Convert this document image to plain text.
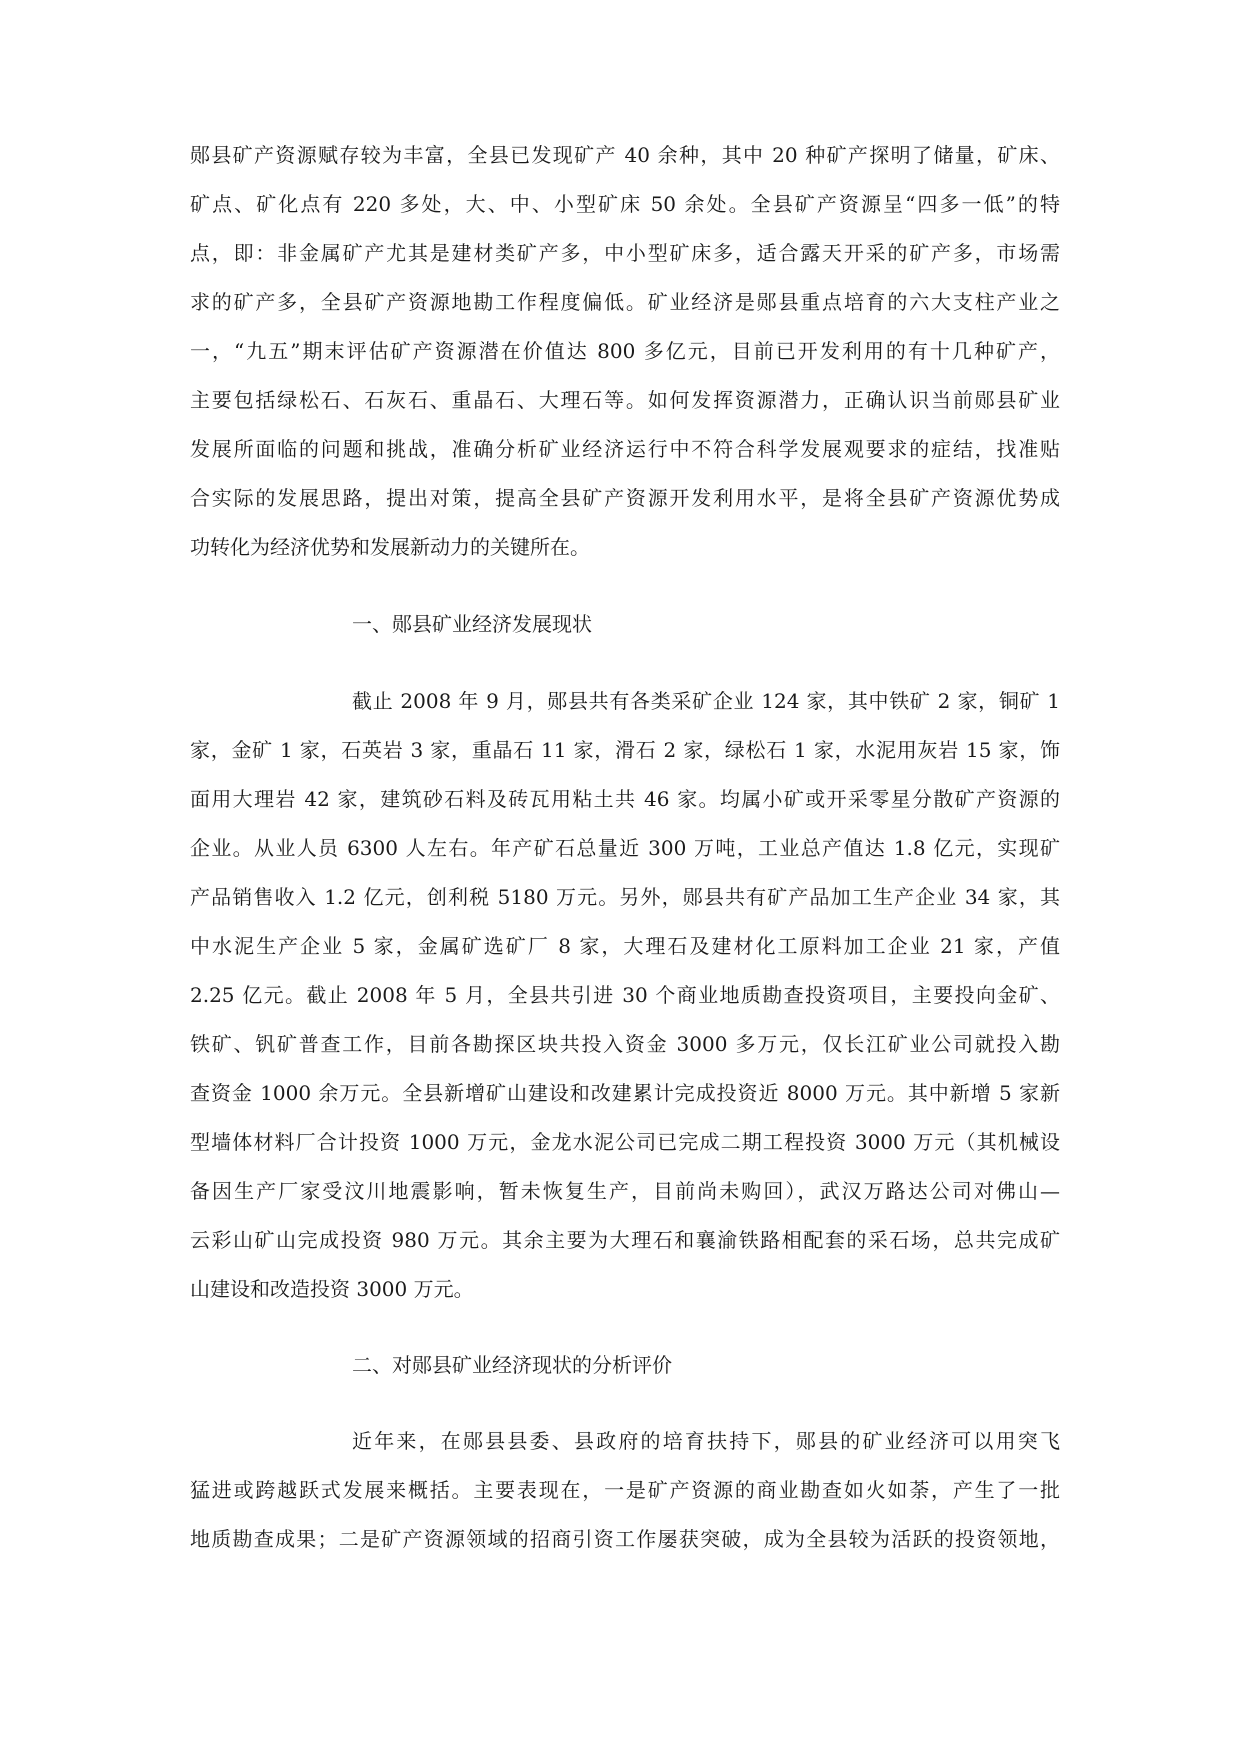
郧县矿产资源赋存较为丰富，全县已发现矿产 40 余种，其中 20 种矿产探明了储量，矿床、
矿点、矿化点有 220 多处，大、中、小型矿床 50 余处。全县矿产资源呈“四多一低”的特
点，即：非金属矿产尤其是建材类矿产多，中小型矿床多，适合露天开采的矿产多，市场需
求的矿产多，全县矿产资源地勘工作程度偏低。矿业经济是郧县重点培育的六大支柱产业之
一，“九五”期末评估矿产资源潜在价值达 800 多亿元，目前已开发利用的有十几种矿产，
主要包括绿松石、石灰石、重晶石、大理石等。如何发挥资源潜力，正确认识当前郧县矿业
发展所面临的问题和挑战，准确分析矿业经济运行中不符合科学发展观要求的症结，找准贴
合实际的发展思路，提出对策，提高全县矿产资源开发利用水平，是将全县矿产资源优势成
功转化为经济优势和发展新动力的关键所在。
一、郧县矿业经济发展现状
截止 2008 年 9 月，郧县共有各类采矿企业 124 家，其中铁矿 2 家，铜矿 1
家，金矿 1 家，石英岩 3 家，重晶石 11 家，滑石 2 家，绿松石 1 家，水泥用灰岩 15 家，饰
面用大理岩 42 家，建筑砂石料及砖瓦用粘土共 46 家。均属小矿或开采零星分散矿产资源的
企业。从业人员 6300 人左右。年产矿石总量近 300 万吨，工业总产值达 1.8 亿元，实现矿
产品销售收入 1.2 亿元，创利税 5180 万元。另外，郧县共有矿产品加工生产企业 34 家，其
中水泥生产企业 5 家，金属矿选矿厂 8 家，大理石及建材化工原料加工企业 21 家，产值
2.25 亿元。截止 2008 年 5 月，全县共引进 30 个商业地质勘查投资项目，主要投向金矿、
铁矿、钒矿普查工作，目前各勘探区块共投入资金 3000 多万元，仅长江矿业公司就投入勘
查资金 1000 余万元。全县新增矿山建设和改建累计完成投资近 8000 万元。其中新增 5 家新
型墙体材料厂合计投资 1000 万元，金龙水泥公司已完成二期工程投资 3000 万元（其机械设
备因生产厂家受汶川地震影响，暂未恢复生产，目前尚未购回），武汉万路达公司对佛山—
云彩山矿山完成投资 980 万元。其余主要为大理石和襄渝铁路相配套的采石场，总共完成矿
山建设和改造投资 3000 万元。
二、对郧县矿业经济现状的分析评价
近年来，在郧县县委、县政府的培育扶持下，郧县的矿业经济可以用突飞
猛进或跨越跃式发展来概括。主要表现在，一是矿产资源的商业勘查如火如荼，产生了一批
地质勘查成果；二是矿产资源领域的招商引资工作屡获突破，成为全县较为活跃的投资领地，
